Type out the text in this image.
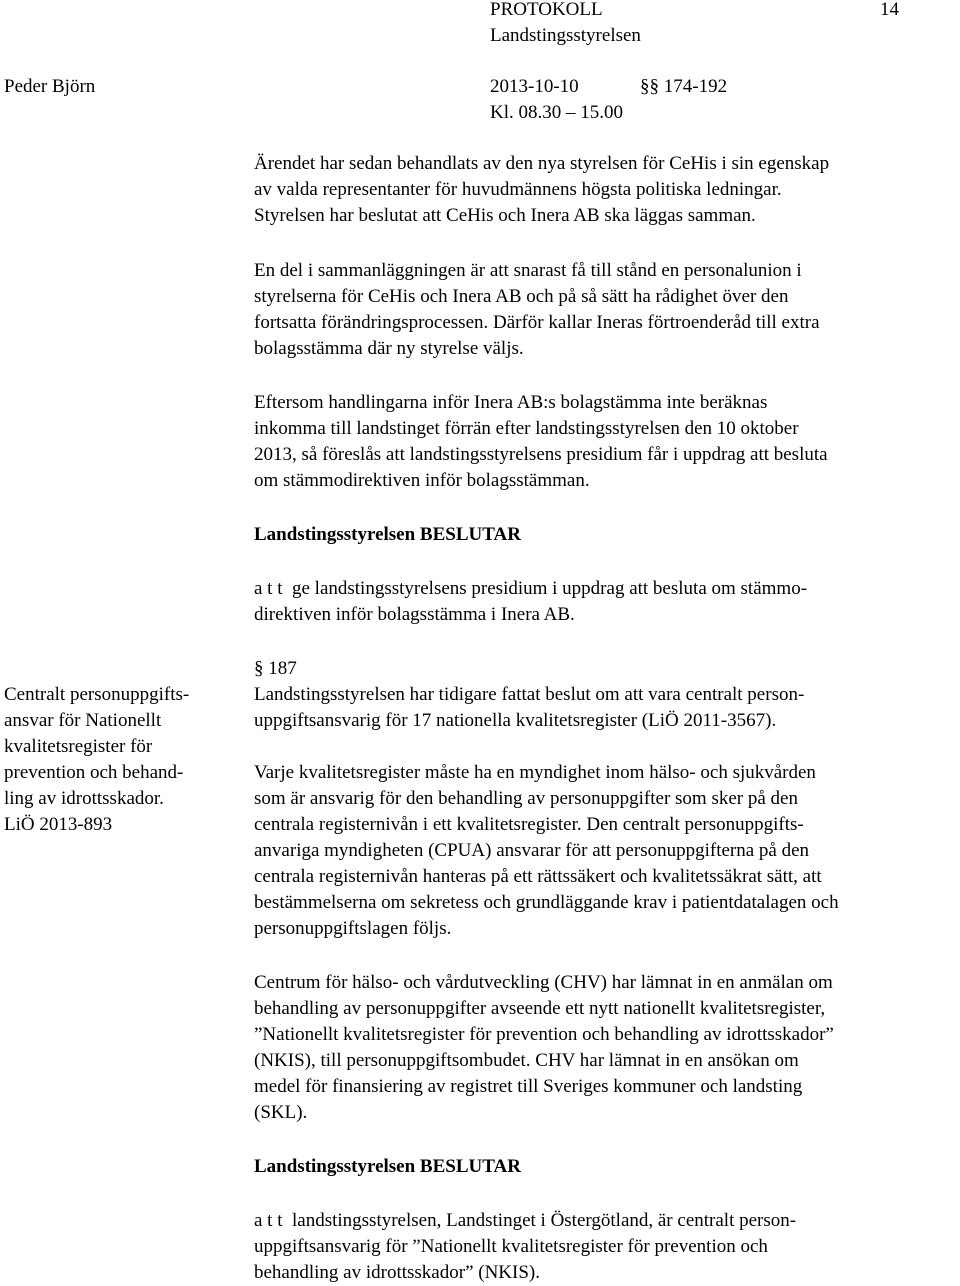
PROTOKOLL	14
Landstingsstyrelsen
Peder Björn	2013-10-10	§§ 174-192
Kl. 08.30 – 15.00

Ärendet har sedan behandlats av den nya styrelsen för CeHis i sin egenskap

av valda representanter för huvudmännens högsta politiska ledningar.

Styrelsen har beslutat att CeHis och Inera AB ska läggas samman.

En del i sammanläggningen är att snarast få till stånd en personalunion i

styrelserna för CeHis och Inera AB och på så sätt ha rådighet över den

fortsatta förändringsprocessen. Därför kallar Ineras förtroenderåd till extra

bolagsstämma där ny styrelse väljs.

Eftersom handlingarna inför Inera AB:s bolagstämma inte beräknas

inkomma till landstinget förrän efter landstingsstyrelsen den 10 oktober

2013, så föreslås att landstingsstyrelsens presidium får i uppdrag att besluta

om stämmodirektiven inför bolagsstämman.

Landstingsstyrelsen BESLUTAR

a t t  ge landstingsstyrelsens presidium i uppdrag att besluta om stämmo-

direktiven inför bolagsstämma i Inera AB.

§ 187

Centralt personuppgifts-

ansvar för Nationellt

kvalitetsregister för

prevention och behand-

ling av idrottsskador.

LiÖ 2013-893

Landstingsstyrelsen har tidigare fattat beslut om att vara centralt person-

uppgiftsansvarig för 17 nationella kvalitetsregister (LiÖ 2011-3567).

Varje kvalitetsregister måste ha en myndighet inom hälso- och sjukvården

som är ansvarig för den behandling av personuppgifter som sker på den

centrala registernivån i ett kvalitetsregister. Den centralt personuppgifts-

anvariga myndigheten (CPUA) ansvarar för att personuppgifterna på den

centrala registernivån hanteras på ett rättssäkert och kvalitetssäkrat sätt, att

bestämmelserna om sekretess och grundläggande krav i patientdatalagen och

personuppgiftslagen följs.

Centrum för hälso- och vårdutveckling (CHV) har lämnat in en anmälan om

behandling av personuppgifter avseende ett nytt nationellt kvalitetsregister,

”Nationellt kvalitetsregister för prevention och behandling av idrottsskador”

(NKIS), till personuppgiftsombudet. CHV har lämnat in en ansökan om

medel för finansiering av registret till Sveriges kommuner och landsting

(SKL).

Landstingsstyrelsen BESLUTAR

a t t  landstingsstyrelsen, Landstinget i Östergötland, är centralt person-

uppgiftsansvarig för ”Nationellt kvalitetsregister för prevention och

behandling av idrottsskador” (NKIS).
